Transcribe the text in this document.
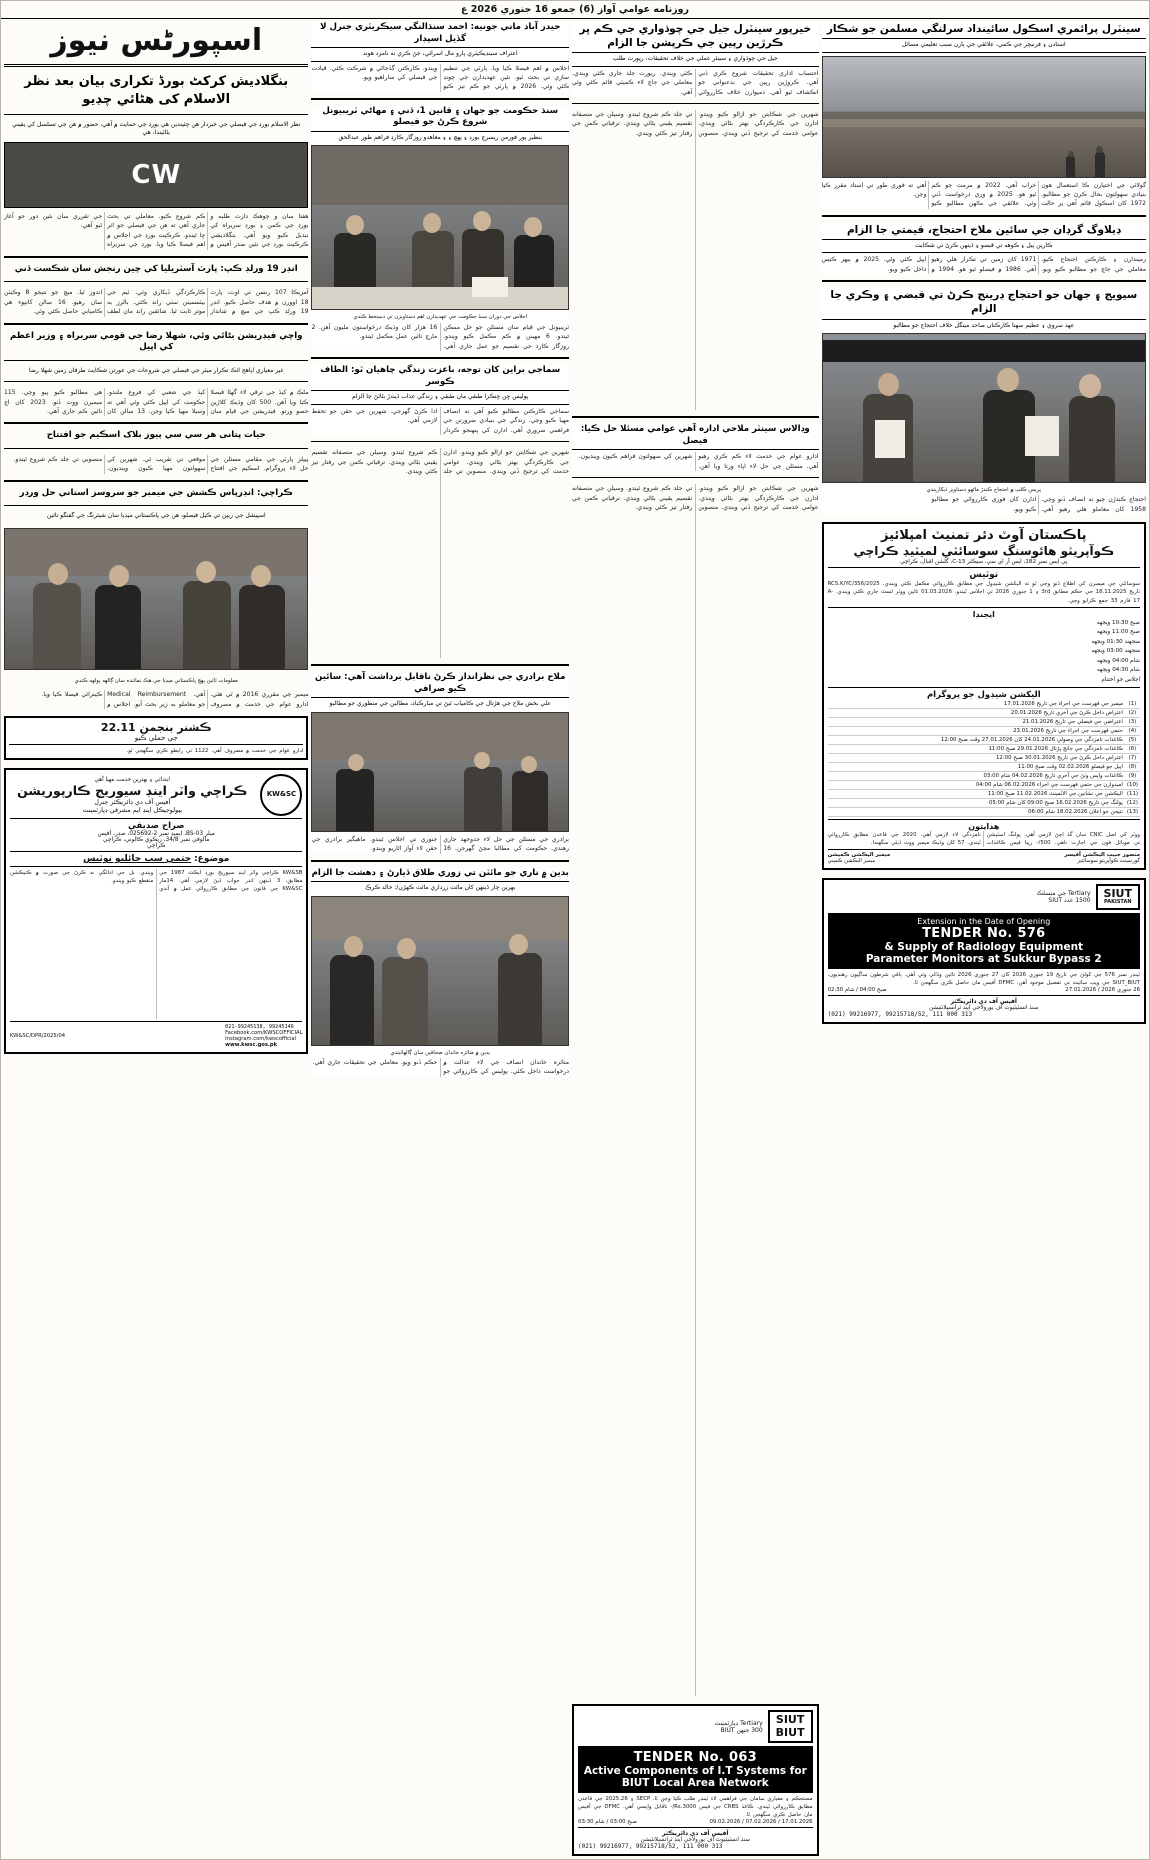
روزنامه عوامي آواز (6) جمعو 16 جنوري 2026 ع
سينٽرل پرائمري اسڪول سائينداد سرلنگي مسلمن جو شڪار
استادن ۽ فرنيچر جي ڪمي، علائقي جي ٻارن سبب تعليمي مسائل
گولائي جي اختيارن ڪا استعمال هون بنيادي سهولتون بحال ڪرڻ جو مطالبو. 1972 کان اسڪول قائم آهي پر حالت خراب آهي. 2022 ۾ مرمت جو ڪم ٿيو هو. 2025 ۾ وري درخواست ڏني وئي. علائقي جي ماڻهن مطالبو ڪيو آهي ته فوري طور تي استاد مقرر ڪيا وڃن.
ڊيلاوگ گرڊان جي سائين ملاح احتجاج، قيمتي جا الزام
ڪارين ٻيل ۽ ڪوهه تي قبضو ۽ ڏينهن ڪرڻ تي شڪايت
زميندارن ۽ ڪارڪنن احتجاج ڪيو. معاملي جي جاچ جو مطالبو ڪيو ويو. 1971 کان زمين تي تڪرار هلي رهيو آهي. 1986 ۾ فيصلو ٿيو هو. 1994 ۾ اپيل ڪئي وئي. 2025 ۾ ٻيهر ڪيس داخل ڪيو ويو.
سيويج ۽ جهان جو احتجاج ڊرينج ڪرڻ تي قبضي ۽ وڪري جا الزام
عهد سروي ۽ عظيم سهتا ڪارڪنان صاحد مينگل خلاف احتجاج جو مطالبو
پريس ڪلب ۾ احتجاج ڪندڙ ماڻهو دستاويز ڏيکاريندي
احتجاج ڪندڙن چيو ته انصاف ڏنو وڃي. 1958 کان معاملو هلي رهيو آهي. ادارن کان فوري ڪارروائي جو مطالبو ڪيو ويو.
پاڪستان آوٽ دئر تمنيٽ امپلائيز
ڪوآپريٽو هائوسنگ سوسائٽي لميٽيڊ ڪراچي
پي ايس نمبر 182، ايس آر اي سي، سيڪٽر C-13، گلشن اقبال، ڪراچي
نوٽيس
سوسائٽي جي ميمبرن کي اطلاع ڏنو وڃي ٿو ته الیکشن شيڊول جي مطابق ڪارروائي مڪمل ڪئي ويندي. RCS.K/YC/356/2025 تاريخ 18.11.2025 جي حڪم مطابق 3rd ۽ 1 جنوري 2026 تي اجلاس ٿيندو. 01.03.2026 تائين ووٽر لسٽ جاري ڪئي ويندي. A-17 فارم 33 جمع ڪرايو وڃي.
ايجنڊا
صبح 10:30 ويجهه
صبح 11:00 ويجهه
منجهند 01:30 ويجهه
منجهند 03:00 ويجهه
شام 04:00 ويجهه
شام 04:30 ويجهه
اجلاس جو اختتام
الیکشن شيڊول جو پروگرام
(1)	ميمبر جي فهرست جي اجراء جي تاريخ 17.01.2026
(2)	اعتراض داخل ڪرڻ جي آخري تاريخ 20.01.2026
(3)	اعتراضن جي فيصلي جي تاريخ 21.01.2026
(4)	حتمي فهرست جي اجراء جي تاريخ 23.01.2026
(5)	ڪاغذات نامزدگي جي وصولي 24.01.2026 کان 27.01.2026 وقت صبح 12:00
(6)	ڪاغذات نامزدگي جي جانچ پڙتال 29.01.2026 صبح 11:00
(7)	اعتراض داخل ڪرڻ جي تاريخ 30.01.2026 صبح 12:00
(8)	اپيل جو فيصلو 02.02.2026 وقت صبح 11:00
(9)	ڪاغذات واپس وٺڻ جي آخري تاريخ 04.02.2026 شام 03:00
(10)	اميدوارن جي حتمي فهرست جي اجراء 06.02.2026 شام 04:00
(11)	اليڪشن جي نشانين جي الاٽمينٽ 11.02.2026 صبح 11:00
(12)	پولنگ جي تاريخ 16.02.2026 صبح 09:00 کان شام 05:00
(13)	نتيجن جو اعلان 18.02.2026 شام 06:00
هدايتون
ووٽر کي اصل CNIC سان گڏ اچڻ لازمي آهي. پولنگ اسٽيشن تي موبائل فون جي اجازت ناهي. 500/- رپيا فيس ڪاغذات نامزدگي لاء لازمي آهي. 2020 جي قاعدن مطابق ڪارروائي ٿيندي. 57 کان وڌيڪ ميمبر ووٽ ڏيئي سگهندا.
منصور حبيب اليڪشن آفيسر
ميمبر اليڪشن ڪميشن
گورنمينٽ ڪوآپريٽو سوسائٽيز
ميمبر اليڪشن ڪمپني
SIUT
PAKISTAN
Tertiary جي منسلڪ
1500 عدد SIUT
Extension in the Date of Opening
TENDER No. 576
Supply of Radiology Equipment &
2 Parameter Monitors at Sukkur Bypass
ٽينڊر نمبر 576 جي کولڻ جي تاريخ 19 جنوري 2026 کان 27 جنوري 2026 تائين وڌائي وئي آهي. ٻاقي شرطون ساڳيون رهنديون. SIUT_BIUT جي ويب سائيٽ تي تفصيل موجود آهن. DFMC آفيس مان حاصل ڪري سگهجن ٿا.
26 جنوري 2026 / 27.01.2026
صبح 04:00 / شام 02:30
آفيس آف دي ڊائريڪٽر
سنڌ انسٽيٽيوٽ آف يورولاجي اينڊ ٽرانسپلانٽيشن
(021) 99216977, 99215718/52, 111 000 313
خيرپور سينٽرل جيل جي چوڌواري جي ڪم ڀر ڪرڙين رپين جي ڪرپشن جا الزام
جيل جي چوڌواري ۽ سينئر عملي جي خلاف تحقيقات، رپورٽ طلب
احتساب اداري تحقيقات شروع ڪري ڏني آهي. ڪروڙين رپين جي بدعنواني جو انڪشاف ٿيو آهي. ذميوارن خلاف ڪارروائي ڪئي ويندي. رپورٽ جلد جاري ڪئي ويندي. معاملي جي جاچ لاء ڪميٽي قائم ڪئي وئي آهي.
شهرين جي شڪايتن جو ازالو ڪيو ويندو. ادارن جي ڪارڪردگي بهتر بڻائي ويندي. عوامي خدمت کي ترجيح ڏني ويندي. منصوبن تي جلد ڪم شروع ٿيندو. وسيلن جي منصفانه تقسيم يقيني بڻائي ويندي. ترقياتي ڪمن جي رفتار تيز ڪئي ويندي.
وڊالاس سينٽر ملاحي اداره آهي عوامي مسئلا حل ڪيا: فيصل
ادارو عوام جي خدمت لاء ڪم ڪري رهيو آهي. مسئلن جي حل لاء اپاء ورتا ويا آهن. شهرين کي سهولتون فراهم ڪيون وينديون.
شهرين جي شڪايتن جو ازالو ڪيو ويندو. ادارن جي ڪارڪردگي بهتر بڻائي ويندي. عوامي خدمت کي ترجيح ڏني ويندي. منصوبن تي جلد ڪم شروع ٿيندو. وسيلن جي منصفانه تقسيم يقيني بڻائي ويندي. ترقياتي ڪمن جي رفتار تيز ڪئي ويندي.
SIUT
BIUT
Tertiary ڊپارٽمينٽ
300 جنهن BIUT
TENDER No. 063
Active Components of I.T Systems for
BIUT Local Area Network
مستحڪم ۽ معياري سامان جي فراهمي لاء ٽينڊر طلب ڪيا وڃن ٿا. SECP ۽ 2025.26 جي قاعدن مطابق ڪارروائي ٿيندي. ڪاغذ CRBS جي فيس Rs.3000/- ناقابل واپسي آهي. DFMC جي آفيس مان حاصل ڪري سگهجن ٿا.
17.01.2026 / 07.02.2026 / 09.02.2026
صبح 03:00 / شام 03:30
آفيس آف دي ڊائريڪٽر
سنڌ انسٽيٽيوٽ آف يورولاجي اينڊ ٽرانسپلانٽيشن
(021) 99216977, 99215718/52, 111 000 313
حيدر آباد ماني جونيه: احمد سنڌالنگي سيڪريٽري جنرل لا گڏيل اسپڊار
اعتراف سينڊيڪيٽري پارو مال اسرائي، جڻ ڪري نه نامزد هوند
اجلاس ۾ اهم فيصلا ڪيا ويا. پارٽي جي تنظيم سازي تي بحث ٿيو. نئين عهديدارن جي چونڊ ڪئي وئي. 2026 ۾ پارٽي جو ڪم تيز ڪيو ويندو. ڪارڪنن گڏجاڻي ۾ شرڪت ڪئي. قيادت جي فيصلي کي ساراهيو ويو.
سنڌ حڪومت جو جهان ۽ قانين 1، ڏني ۽ مهاڻي ٽريبيونل شروع ڪرڻ جو فيصلو
بنظير پور فورمن ريسرچ بورڊ ۽ پهچ ۽ ۽ معاهدو روزگار ڪارڊ فراهم طور عبدالحق
اجلاس جي دوران سنڌ حڪومت جي عهديدارن اهم دستاويزن تي دستخط ڪندي
ٽريبيونل جي قيام سان مسئلن جو حل ممڪن ٿيندو. 6 مهينن ۾ ڪم مڪمل ڪيو ويندو. روزگار ڪارڊ جي تقسيم جو عمل جاري آهي. 16 هزار کان وڌيڪ درخواستون مليون آهن. 2 مارچ تائين عمل مڪمل ٿيندو.
سماجي براين کان توجه، باعزت زندگي چاهيان ٿو: الطاف ڪوسر
پوليس ڇن ڇنڪرا طبقي مان طبقي ۽ زندگي عذاب ڏيندڙ بڻائڻ جا الزام
سماجي ڪارڪنن مطالبو ڪيو آهي ته انصاف مهيا ڪيو وڃي. زندگي جي بنيادي ضرورتن جي فراهمي ضروري آهي. ادارن کي پنهنجو ڪردار ادا ڪرڻ گهرجي. شهرين جي حقن جو تحفظ لازمي آهي.
شهرين جي شڪايتن جو ازالو ڪيو ويندو. ادارن جي ڪارڪردگي بهتر بڻائي ويندي. عوامي خدمت کي ترجيح ڏني ويندي. منصوبن تي جلد ڪم شروع ٿيندو. وسيلن جي منصفانه تقسيم يقيني بڻائي ويندي. ترقياتي ڪمن جي رفتار تيز ڪئي ويندي.
ملاح برادري جي نظرانداز ڪرڻ ناقابل برداشت آهي: سائين ڪيو صرافي
علي بخش ملاح جي هڙتال جي ڪامياب ٿيڻ تي مبارڪباد، مطالبن جي منظوري جو مطالبو
برادري جي مسئلن جي حل لاء جدوجهد جاري رهندي. حڪومت کي مطالبا مڃڻ گهرجن. 16 جنوري تي اجلاس ٿيندو. ماهيگير برادري جي حقن لاء آواز اٿاريو ويندو.
بدين ۾ ناري جو مائٽن تي زوري طلاق ڏيارڻ ۽ دهشت جا الزام
بهرين چار ڏينهن کان مائٽ زرداري مائٽ ڪهڙن/: خالد ڪرڪ
بدين ۾ متاثره خاندان صحافين سان ڳالهائيندي
متاثره خاندان انصاف جي لاء عدالت ۾ درخواست داخل ڪئي. پوليس کي ڪارروائي جو حڪم ڏنو ويو. معاملي جي تحقيقات جاري آهي.
اسپورٹس نیوز
بنگلادیش کرکٹ بورڈ تکراری بیان بعد نظر الاسلام کی هٹائي چڊیو
نظر الاسلام بورڊ جي فيصلي جي خبردار هن چئيندين هي بورڊ جي حمايت ۾ آهي، حضور ۾ هن جي تسلسل کي يقيني بڻائيندا، هي
CW
هفتا سان و چوهڪ ڊارٽ طلبه و بورڊ جي ڪمن ۽ بورڊ سربراه کي تبديل ڪيو ويو آهي. بنگلاديشي ڪرڪيٽ بورڊ جي نئين صدر آفيس ۾ ڪم شروع ڪيو. معاملي تي بحث جاري آهي ته هن جي فيصلي جو اثر ڇا ٿيندو. ڪرڪيٽ بورڊ جي اجلاس ۾ اهم فيصلا ڪيا ويا. بورڊ جي سربراه جي تقرري سان نئين دور جو آغاز ٿيو آهي.
انڊر 19 ورلڊ ڪپ: پارٽ آسٽريليا کي چين رنجش سان شڪست ڏني
آمريڪا 107 رنسن تي اوٽ، پارٽ 18 اوورن ۾ هدف حاصل ڪيو. انڊر 19 ورلڊ ڪپ جي ميچ ۾ شاندار ڪارڪردگي ڏيکاري وئي. ٽيم جي بيٽسمينن سٺي راند ڪئي. بالرز به موثر ثابت ٿيا. شائقين راند مان لطف اندوز ٿيا. ميچ جو نتيجو 8 وڪيٽن سان رهيو. 16 سالن کانپوء هي ڪاميابي حاصل ڪئي وئي.
واچي فيڊريشن بڻائي وئي، شهلا رضا جي قومي سربراه ۽ وزير اعظم کي اپيل
غير معياري اپاهج اٿڪ تڪرار ميٽر جي فيصلي جي شروعات جي عورتن شڪايت طرفان زمين شهلا رضا
ملڪ ۾ کيڏ جي ترقي لاء گهڻا فيصلا ڪيا ويا آهن. 500 کان وڌيڪ کلاڙين حصو ورتو. فيڊريشن جي قيام سان کيڏ جي شعبي کي فروغ ملندو. حڪومت کي اپيل ڪئي وئي آهي ته وسيلا مهيا ڪيا وڃن. 13 سالن کان هي مطالبو ڪيو پيو وڃي. 115 ميمبرن ووٽ ڏنو. 2023 کان اڄ تائين ڪم جاري آهي.
حیات پتانی هر سي سي پیوز بلاک اسڪیم جو افتتاح
پيپلز پارٽي جي مقامي مسئلن جي حل لاء پروگرام. اسڪيم جي افتتاح موقعي تي تقريب ٿي. شهرين کي سهولتون مهيا ڪيون وينديون. منصوبي تي جلد ڪم شروع ٿيندو.
ڪراچي: انڊرپاس ڪشش جي ميمبر جو سروسز استاني حل ورڊر
اسپيشل جي ريپن تي ڪيل فيصلو، هن جي پاڪستاني ميڊيا سان شيئرنگ جي گفتگو تائين
معلومات ٿائين پهچ پاڪستاني ميڊيا جي هڪ نمائنده سان ڳالهه ٻولهه ڪندي
ميمبر جي مقرري 2016 ۾ ٿي هئي. ادارو عوام جي خدمت ۾ مصروف آهي. Medical Reimbursement جو معاملو به زير بحث آيو. اجلاس ۾ ڪيترائي فيصلا ڪيا ويا.
ڪشنر بنجمن 22.11
جي حملي ڪيو
ادارو عوام جي خدمت ۾ مصروف آهي. 1122 تي رابطو ڪري سگهجي ٿو.
KW&SC
ابتدائي ۽ بهترين خدمت مهيا آهي
ڪراچي واٽر اينڊ سيوريج ڪارپوريشن
آفيس آف دي ڊائريڪٽر جنرل
بيولوجيڪل اينڊ ايم مشرقي ڊپارٽمينٽ
صراح صديقي
ميلر 03-BS، ايميڊ نمبر 2-025692، صدر، آفيس
مالوفي نمبر 34/8، ريڪوي ڪالوني، ڪراچي
ڪراچي
موضوع: حتمي سب جائليو نوٽيس
KW&SB ڪراچي واٽر اينڊ سيوريج بورڊ ايڪٽ 1987 جي مطابق، 3 ڏينهن اندر جواب ڏيڻ لازمي آهي. 14مار KW&SC جي قانون جي مطابق ڪارروائي عمل ۾ آندي ويندي. بل جي ادائگي نه ڪرڻ جي صورت ۾ ڪنيڪشن منقطع ڪيو ويندو.
021-99245138, 99245146
Facebook.com/KWSCOFFICIAL
Instagram.com/kwscofficial
www.kwsc.gos.pk
KW&SC/DPR/2025/04
